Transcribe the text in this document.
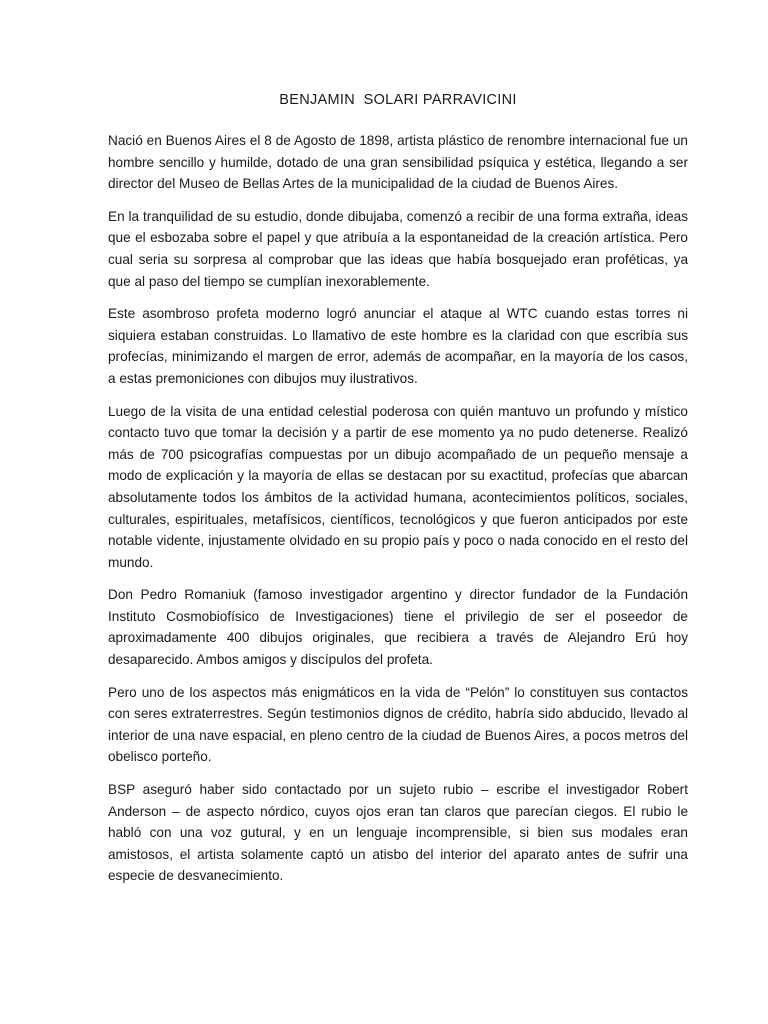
BENJAMIN  SOLARI PARRAVICINI

Nació en Buenos Aires el 8 de Agosto de 1898, artista plástico de renombre internacional fue un hombre sencillo y humilde, dotado de una gran sensibilidad psíquica y estética, llegando a ser director del Museo de Bellas Artes de la municipalidad de la ciudad de Buenos Aires.

En la tranquilidad de su estudio, donde dibujaba, comenzó a recibir de una forma extraña, ideas que el esbozaba sobre el papel y que atribuía a la espontaneidad de la creación artística. Pero cual seria su sorpresa al comprobar que las ideas que había bosquejado eran proféticas, ya que al paso del tiempo se cumplían inexorablemente.

Este asombroso profeta moderno logró anunciar el ataque al WTC cuando estas torres ni siquiera estaban construidas. Lo llamativo de este hombre es la claridad con que escribía sus profecías, minimizando el margen de error, además de acompañar, en la mayoría de los casos, a estas premoniciones con dibujos muy ilustrativos.

Luego de la visita de una entidad celestial poderosa con quién mantuvo un profundo y místico contacto tuvo que tomar la decisión y a partir de ese momento ya no pudo detenerse. Realizó más de 700 psicografías compuestas por un dibujo acompañado de un pequeño mensaje a modo de explicación y la mayoría de ellas se destacan por su exactitud, profecías que abarcan absolutamente todos los ámbitos de la actividad humana, acontecimientos políticos, sociales, culturales, espirituales, metafísicos, científicos, tecnológicos y que fueron anticipados por este notable vidente, injustamente olvidado en su propio país y poco o nada conocido en el resto del mundo.

Don Pedro Romaniuk (famoso investigador argentino y director fundador de la Fundación Instituto Cosmobiofísico de Investigaciones) tiene el privilegio de ser el poseedor de aproximadamente 400 dibujos originales, que recibiera a través de Alejandro Erú hoy desaparecido. Ambos amigos y discípulos del profeta.

Pero uno de los aspectos más enigmáticos en la vida de “Pelón” lo constituyen sus contactos con seres extraterrestres. Según testimonios dignos de crédito, habría sido abducido, llevado al interior de una nave espacial, en pleno centro de la ciudad de Buenos Aires, a pocos metros del obelisco porteño.

BSP aseguró haber sido contactado por un sujeto rubio – escribe el investigador Robert Anderson – de aspecto nórdico, cuyos ojos eran tan claros que parecían ciegos. El rubio le habló con una voz gutural, y en un lenguaje incomprensible, si bien sus modales eran amistosos, el artista solamente captó un atisbo del interior del aparato antes de sufrir una especie de desvanecimiento.
